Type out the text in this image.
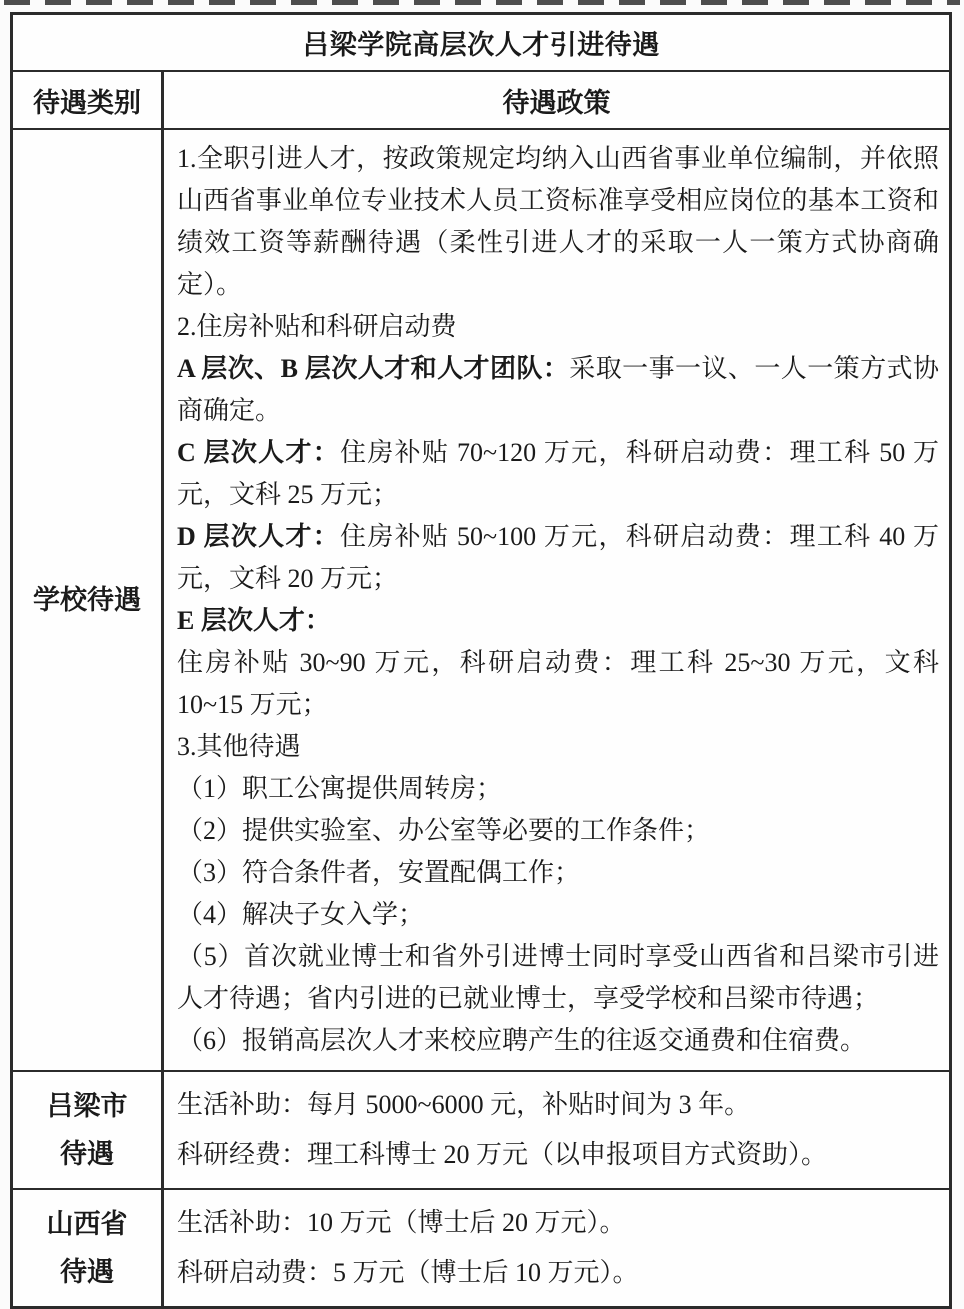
吕梁学院高层次人才引进待遇
待遇类别	待遇政策
学校待遇

1.全职引进人才，按政策规定均纳入山西省事业单位编制，并依照山西省事业单位专业技术人员工资标准享受相应岗位的基本工资和绩效工资等薪酬待遇（柔性引进人才的采取一人一策方式协商确定）。

2.住房补贴和科研启动费

A 层次、B 层次人才和人才团队：采取一事一议、一人一策方式协商确定。

C 层次人才：住房补贴 70~120 万元，科研启动费：理工科 50 万元，文科 25 万元；

D 层次人才：住房补贴 50~100 万元，科研启动费：理工科 40 万元，文科 20 万元；

E 层次人才：

住房补贴 30~90 万元，科研启动费：理工科 25~30 万元，文科 10~15 万元；

3.其他待遇

（1）职工公寓提供周转房；

（2）提供实验室、办公室等必要的工作条件；

（3）符合条件者，安置配偶工作；

（4）解决子女入学；

（5）首次就业博士和省外引进博士同时享受山西省和吕梁市引进人才待遇；省内引进的已就业博士，享受学校和吕梁市待遇；

（6）报销高层次人才来校应聘产生的往返交通费和住宿费。

吕梁市
待遇

生活补助：每月 5000~6000 元，补贴时间为 3 年。

科研经费：理工科博士 20 万元（以申报项目方式资助）。

山西省
待遇

生活补助：10 万元（博士后 20 万元）。

科研启动费：5 万元（博士后 10 万元）。
